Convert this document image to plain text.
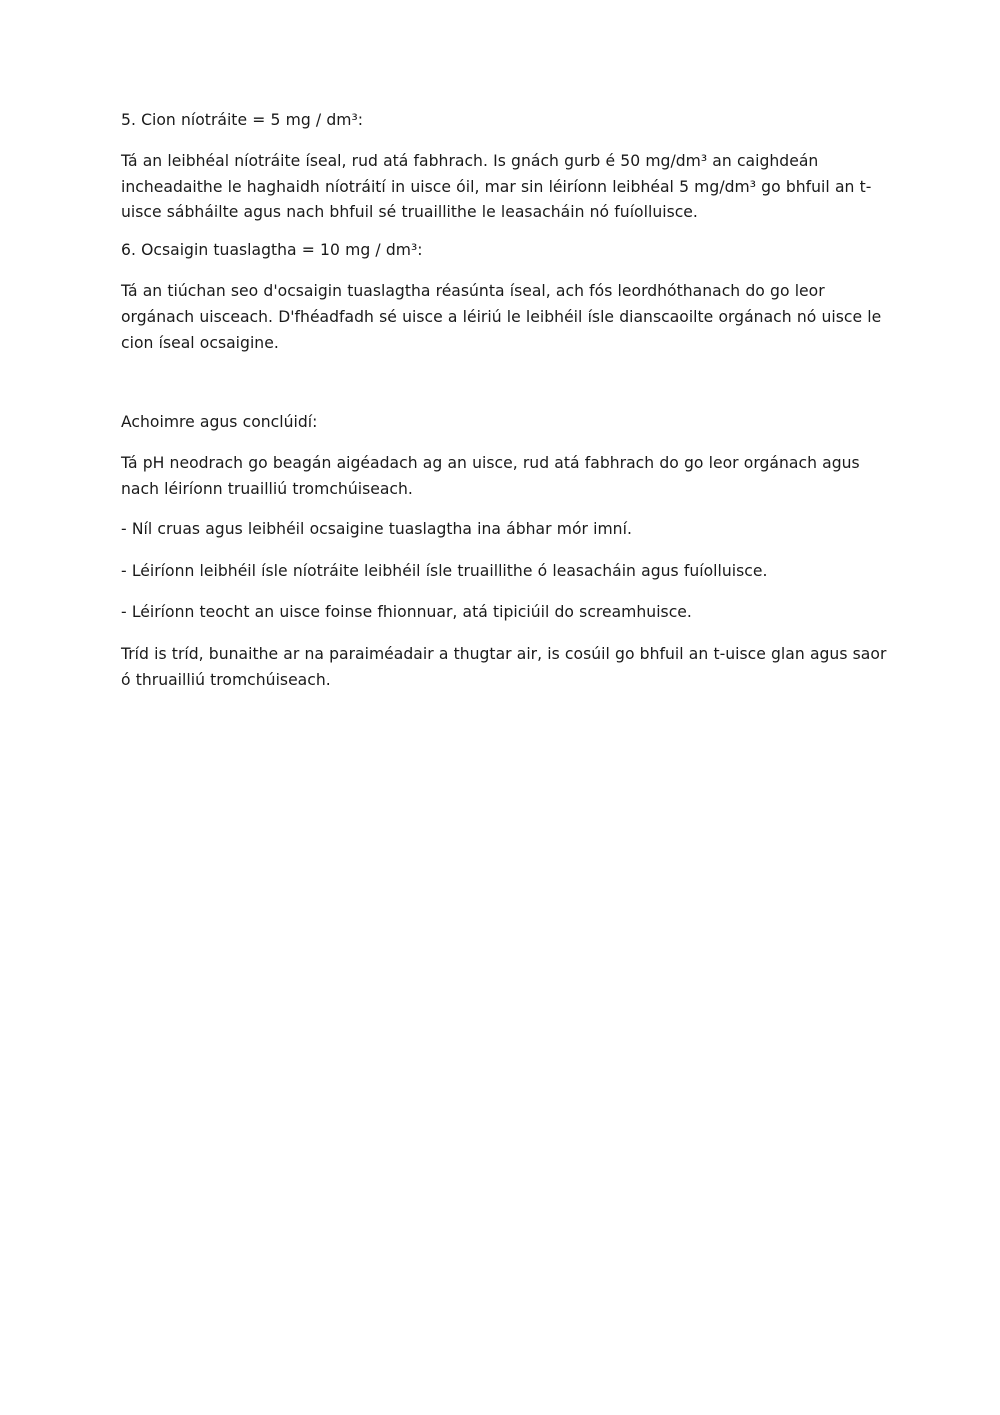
5. Cion níotráite = 5 mg / dm³:

Tá an leibhéal níotráite íseal, rud atá fabhrach. Is gnách gurb é 50 mg/dm³ an caighdeán incheadaithe le haghaidh níotráití in uisce óil, mar sin léiríonn leibhéal 5 mg/dm³ go bhfuil an t-uisce sábháilte agus nach bhfuil sé truaillithe le leasacháin nó fuíolluisce.

6. Ocsaigin tuaslagtha = 10 mg / dm³:

Tá an tiúchan seo d'ocsaigin tuaslagtha réasúnta íseal, ach fós leordhóthanach do go leor orgánach uisceach. D'fhéadfadh sé uisce a léiriú le leibhéil ísle dianscaoilte orgánach nó uisce le cion íseal ocsaigine.

Achoimre agus conclúidí:

Tá pH neodrach go beagán aigéadach ag an uisce, rud atá fabhrach do go leor orgánach agus nach léiríonn truailliú tromchúiseach.

- Níl cruas agus leibhéil ocsaigine tuaslagtha ina ábhar mór imní.

- Léiríonn leibhéil ísle níotráite leibhéil ísle truaillithe ó leasacháin agus fuíolluisce.

- Léiríonn teocht an uisce foinse fhionnuar, atá tipiciúil do screamhuisce.

Tríd is tríd, bunaithe ar na paraiméadair a thugtar air, is cosúil go bhfuil an t-uisce glan agus saor ó thruailliú tromchúiseach.
